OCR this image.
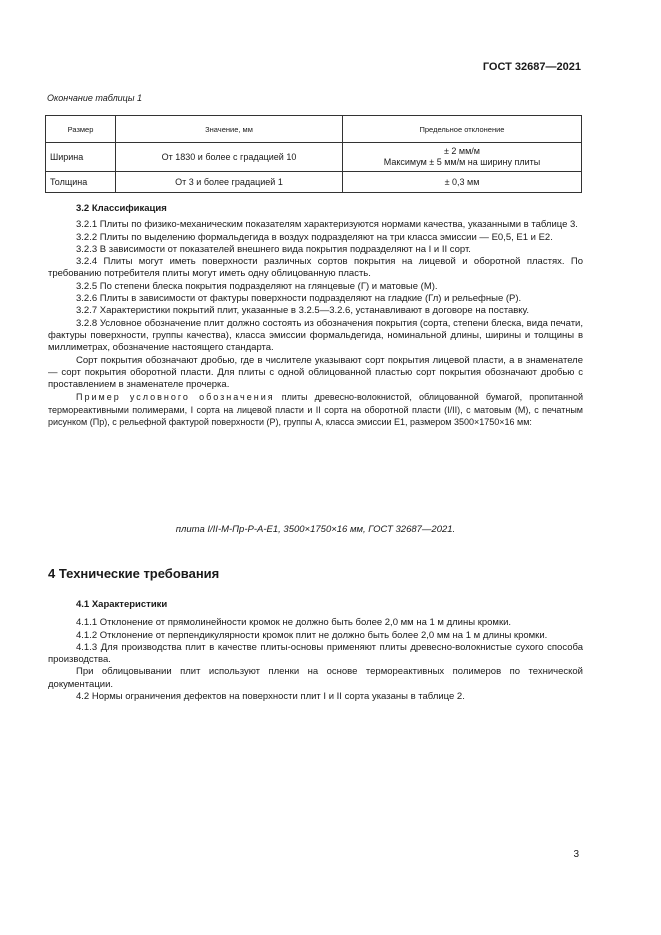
ГОСТ 32687—2021
Окончание таблицы 1
Размер	Значение, мм	Предельное отклонение
Ширина	От 1830 и более с градацией 10	± 2 мм/м
Максимум ± 5 мм/м на ширину плиты

Толщина	От 3 и более градацией 1	± 0,3 мм

3.2 Классификация

3.2.1 Плиты по физико-механическим показателям характеризуются нормами качества, указанными в таблице 3.

3.2.2 Плиты по выделению формальдегида в воздух подразделяют на три класса эмиссии — Е0,5, Е1 и Е2.

3.2.3 В зависимости от показателей внешнего вида покрытия подразделяют на I и II сорт.

3.2.4 Плиты могут иметь поверхности различных сортов покрытия на лицевой и оборотной пластях. По требованию потребителя плиты могут иметь одну облицованную пласть.

3.2.5 По степени блеска покрытия подразделяют на глянцевые (Г) и матовые (М).

3.2.6 Плиты в зависимости от фактуры поверхности подразделяют на гладкие (Гл) и рельефные (Р).

3.2.7 Характеристики покрытий плит, указанные в 3.2.5—3.2.6, устанавливают в договоре на поставку.

3.2.8 Условное обозначение плит должно состоять из обозначения покрытия (сорта, степени блеска, вида печати, фактуры поверхности, группы качества), класса эмиссии формальдегида, номинальной длины, ширины и толщины в миллиметрах, обозначение настоящего стандарта.

Сорт покрытия обозначают дробью, где в числителе указывают сорт покрытия лицевой пласти, а в знаменателе — сорт покрытия оборотной пласти. Для плиты с одной облицованной пластью сорт покрытия обозначают дробью с проставлением в знаменателе прочерка.

Пример условного обозначения плиты древесно-волокнистой, облицованной бумагой, пропитанной термореактивными полимерами, I сорта на лицевой пласти и II сорта на оборотной пласти (I/II), с матовым (М), с печатным рисунком (Пр), с рельефной фактурой поверхности (Р), группы А, класса эмиссии Е1, размером 3500×1750×16 мм:

плита I/II-М-Пр-Р-А-Е1, 3500×1750×16 мм, ГОСТ 32687—2021.
4 Технические требования

4.1 Характеристики

4.1.1 Отклонение от прямолинейности кромок не должно быть более 2,0 мм на 1 м длины кромки.

4.1.2 Отклонение от перпендикулярности кромок плит не должно быть более 2,0 мм на 1 м длины кромки.

4.1.3 Для производства плит в качестве плиты-основы применяют плиты древесно-волокнистые сухого способа производства.

При облицовывании плит используют пленки на основе термореактивных полимеров по технической документации.

4.2 Нормы ограничения дефектов на поверхности плит I и II сорта указаны в таблице 2.

3
